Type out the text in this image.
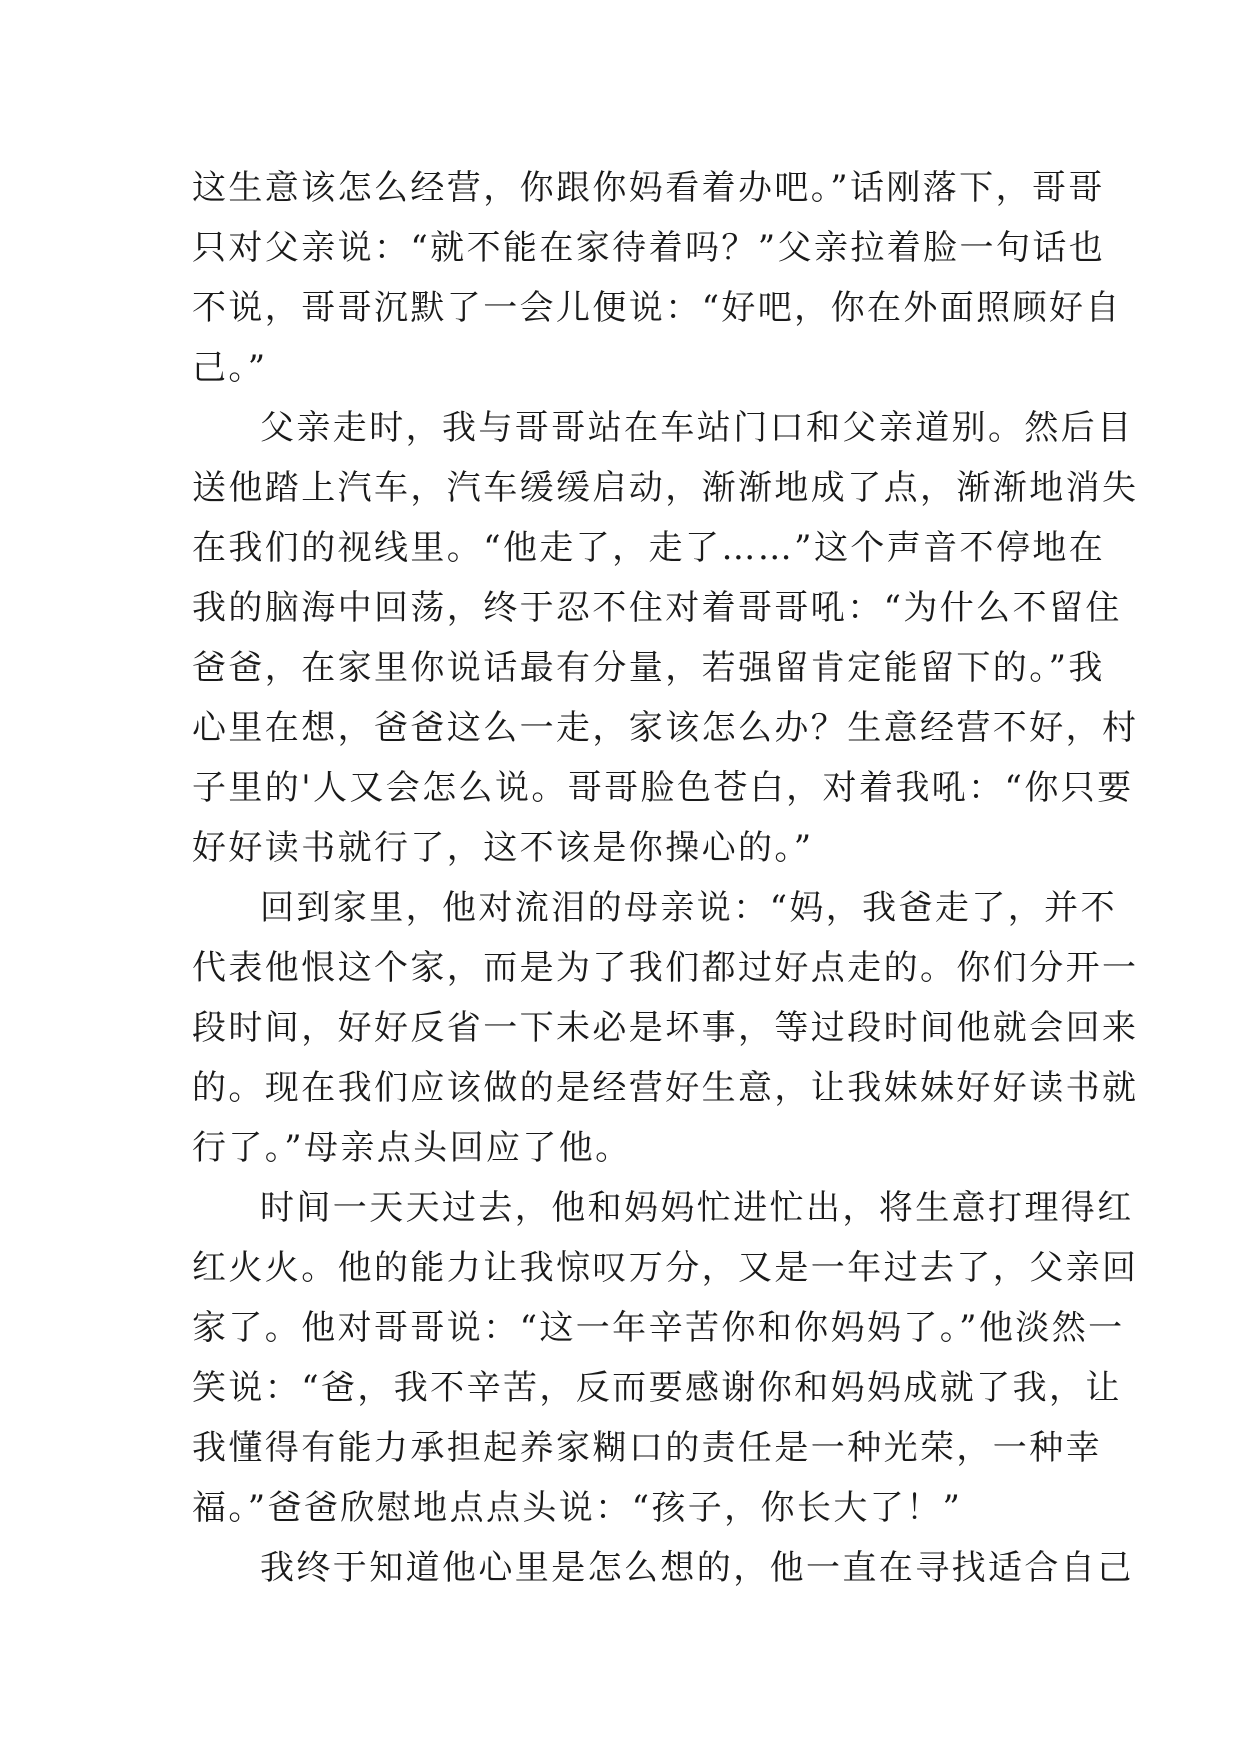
这生意该怎么经营，你跟你妈看着办吧。”话刚落下，哥哥

只对父亲说：“就不能在家待着吗？”父亲拉着脸一句话也

不说，哥哥沉默了一会儿便说：“好吧，你在外面照顾好自

己。”

父亲走时，我与哥哥站在车站门口和父亲道别。然后目

送他踏上汽车，汽车缓缓启动，渐渐地成了点，渐渐地消失

在我们的视线里。“他走了，走了……”这个声音不停地在

我的脑海中回荡，终于忍不住对着哥哥吼：“为什么不留住

爸爸，在家里你说话最有分量，若强留肯定能留下的。”我

心里在想，爸爸这么一走，家该怎么办？生意经营不好，村

子里的'人又会怎么说。哥哥脸色苍白，对着我吼：“你只要

好好读书就行了，这不该是你操心的。”

回到家里，他对流泪的母亲说：“妈，我爸走了，并不

代表他恨这个家，而是为了我们都过好点走的。你们分开一

段时间，好好反省一下未必是坏事，等过段时间他就会回来

的。现在我们应该做的是经营好生意，让我妹妹好好读书就

行了。”母亲点头回应了他。

时间一天天过去，他和妈妈忙进忙出，将生意打理得红

红火火。他的能力让我惊叹万分，又是一年过去了，父亲回

家了。他对哥哥说：“这一年辛苦你和你妈妈了。”他淡然一

笑说：“爸，我不辛苦，反而要感谢你和妈妈成就了我，让

我懂得有能力承担起养家糊口的责任是一种光荣，一种幸

福。”爸爸欣慰地点点头说：“孩子，你长大了！”

我终于知道他心里是怎么想的，他一直在寻找适合自己
